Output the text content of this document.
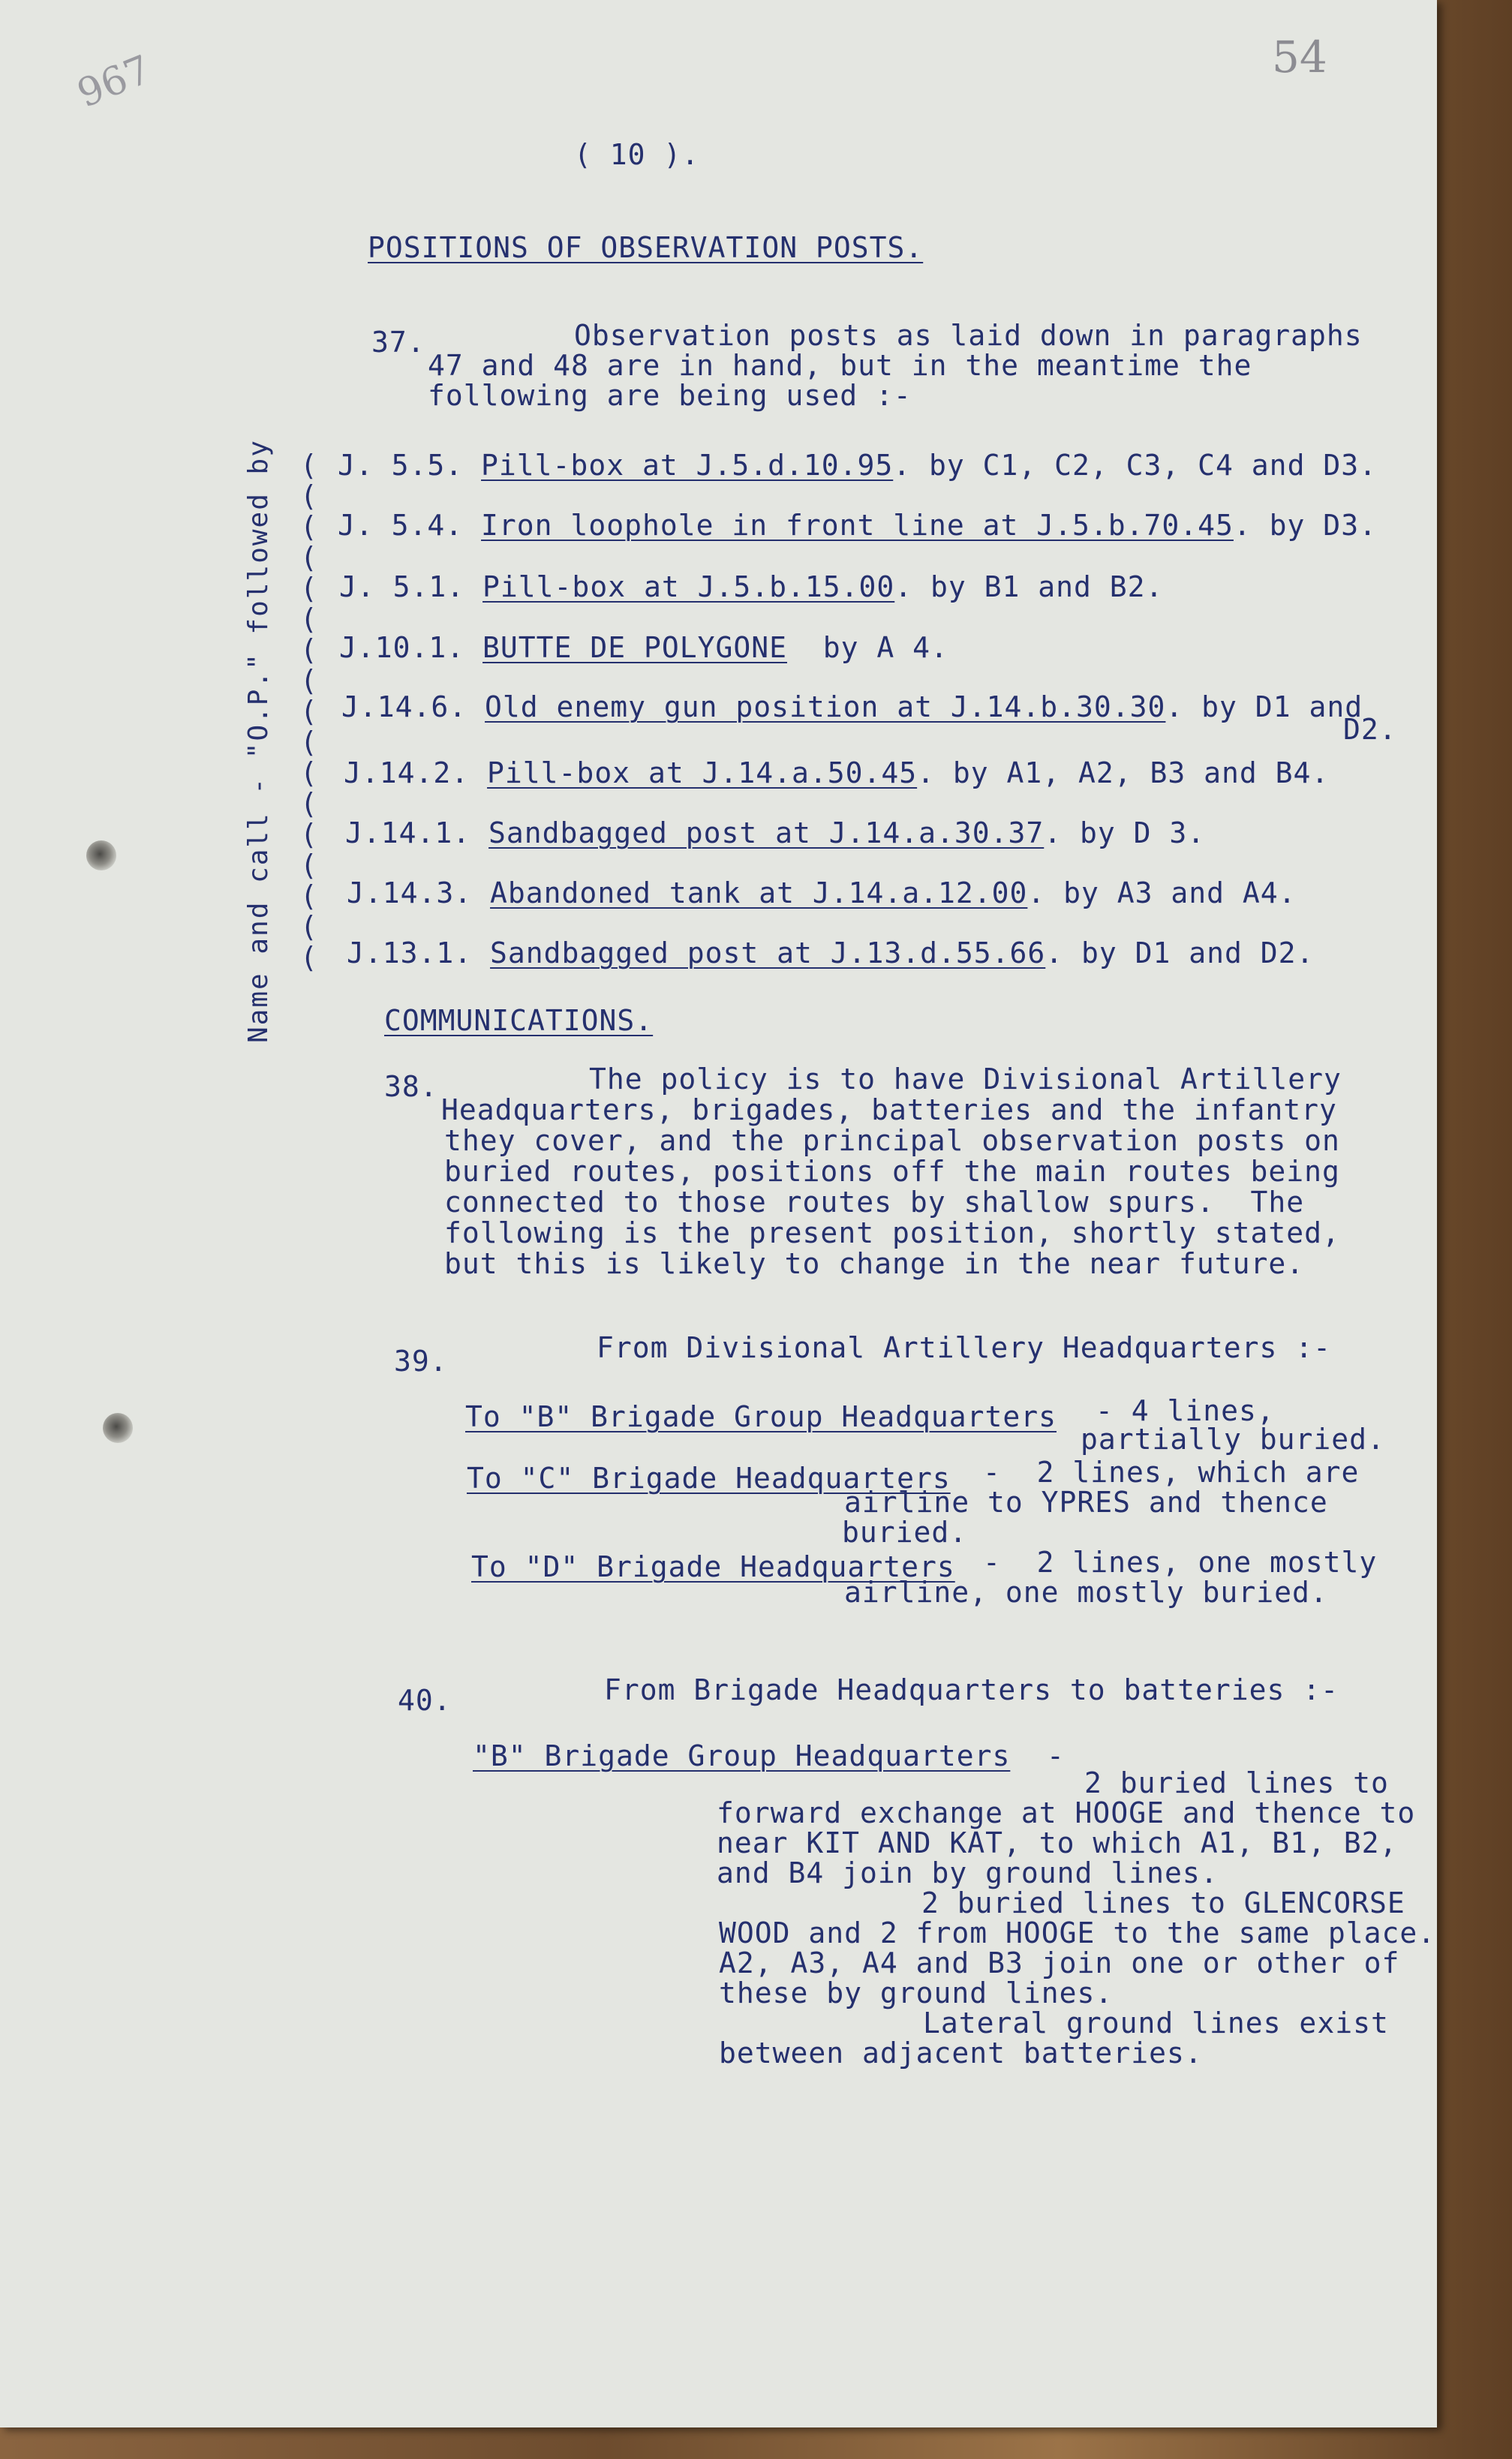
967	54
( 10 ).
POSITIONS OF OBSERVATION POSTS.
37.	Observation posts as laid down in paragraphs
47 and 48 are in hand, but in the meantime the
following are being used :-
Name and call - "O.P." followed by (
(
(
(
(
(
(
(
(
(
(
(
(
(
(
(
(
J. 5.5. Pill-box at J.5.d.10.95. by C1, C2, C3, C4 and D3.
J. 5.4. Iron loophole in front line at J.5.b.70.45. by D3.
J. 5.1. Pill-box at J.5.b.15.00. by B1 and B2.
J.10.1. BUTTE DE POLYGONE  by A 4.
J.14.6. Old enemy gun position at J.14.b.30.30. by D1 and
D2.
J.14.2. Pill-box at J.14.a.50.45. by A1, A2, B3 and B4.
J.14.1. Sandbagged post at J.14.a.30.37. by D 3.
J.14.3. Abandoned tank at J.14.a.12.00. by A3 and A4.
J.13.1. Sandbagged post at J.13.d.55.66. by D1 and D2.
COMMUNICATIONS.
38.	The policy is to have Divisional Artillery
Headquarters, brigades, batteries and the infantry
they cover, and the principal observation posts on
buried routes, positions off the main routes being
connected to those routes by shallow spurs.  The
following is the present position, shortly stated,
but this is likely to change in the near future.
39.	From Divisional Artillery Headquarters :-
To "B" Brigade Group Headquarters - 4 lines,
partially buried.
To "C" Brigade Headquarters -  2 lines, which are
airline to YPRES and thence
buried.
To "D" Brigade Headquarters -  2 lines, one mostly
airline, one mostly buried.
40.	From Brigade Headquarters to batteries :-
"B" Brigade Group Headquarters -
2 buried lines to
forward exchange at HOOGE and thence to
near KIT AND KAT, to which A1, B1, B2,
and B4 join by ground lines.
2 buried lines to GLENCORSE
WOOD and 2 from HOOGE to the same place.
A2, A3, A4 and B3 join one or other of
these by ground lines.
Lateral ground lines exist
between adjacent batteries.
